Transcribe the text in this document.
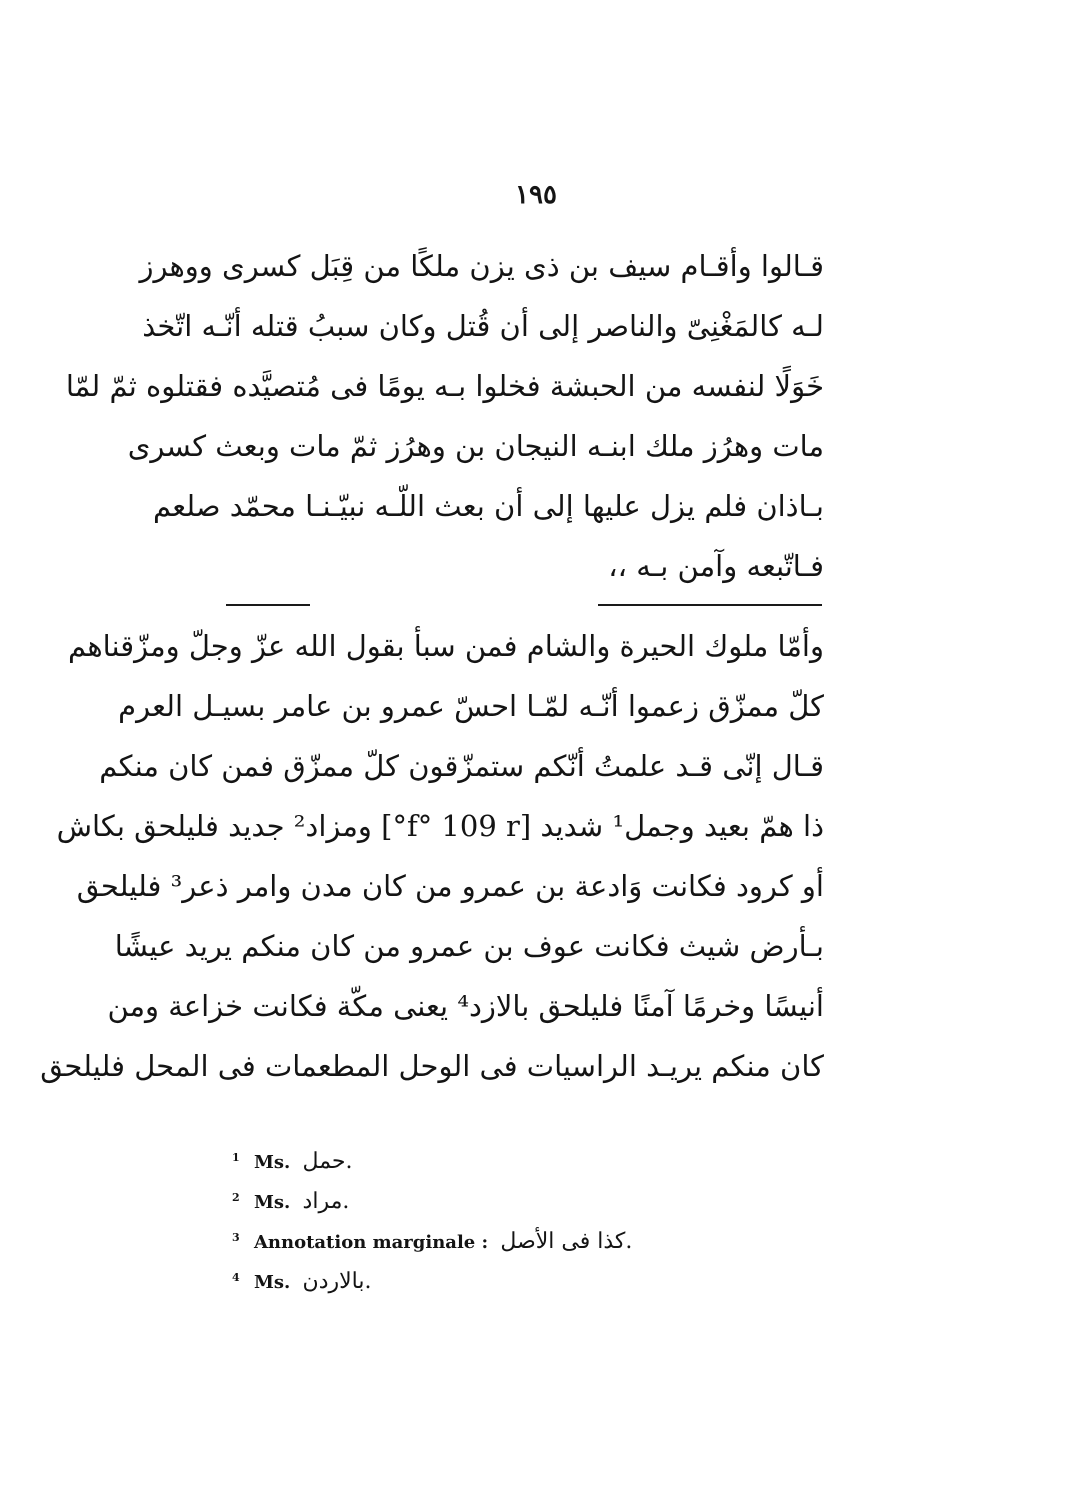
١٩٥
قـالوا وأقـام سيف بن ذى يزن ملكًا من قِبَل كسرى ووهرز
لـه كالمَغْنِىّ والناصر إلى أن قُتل وكان سببُ قتله أنّـه اتّخذ
خَوَلًا لنفسه من الحبشة فخلوا بـه يومًا فى مُتصيَّده فقتلوه ثمّ لمّا
مات وهرُز ملك ابنـه النيجان بن وهرُز ثمّ مات وبعث كسرى
بـاذان فلم يزل عليها إلى أن بعث اللّـه نبيّـنـا محمّد صلعم
فـاتّبعه وآمن بـه ،،
وأمّا ملوك الحيرة والشام فمن سبأ بقول الله عزّ وجلّ ومزّقناهم
كلّ ممزّق زعموا أنّـه لمّـا احسّ عمرو بن عامر بسيـل العرم
قـال إنّى قـد علمتُ أنّكم ستمزّقون كلّ ممزّق فمن كان منكم
ذا همّ بعيد وجمل¹ شديد [f° 109 r°] ومزاد² جديد فليلحق بكاش
أو كرود فكانت وَادعة بن عمرو من كان مدن وامر ذعر³ فليلحق
بـأرض شيث فكانت عوف بن عمرو من كان منكم يريد عيشًا
أنيسًا وخرمًا آمنًا فليلحق بالازد⁴ يعنى مكّة فكانت خزاعة ومن
كان منكم يريـد الراسيات فى الوحل المطعمات فى المحل فليلحق
$^1$ Ms. حمل.
$^2$ Ms. مراد.
$^3$ Annotation marginale : كذا فى الأصل.
$^4$ Ms. بالاردن.
